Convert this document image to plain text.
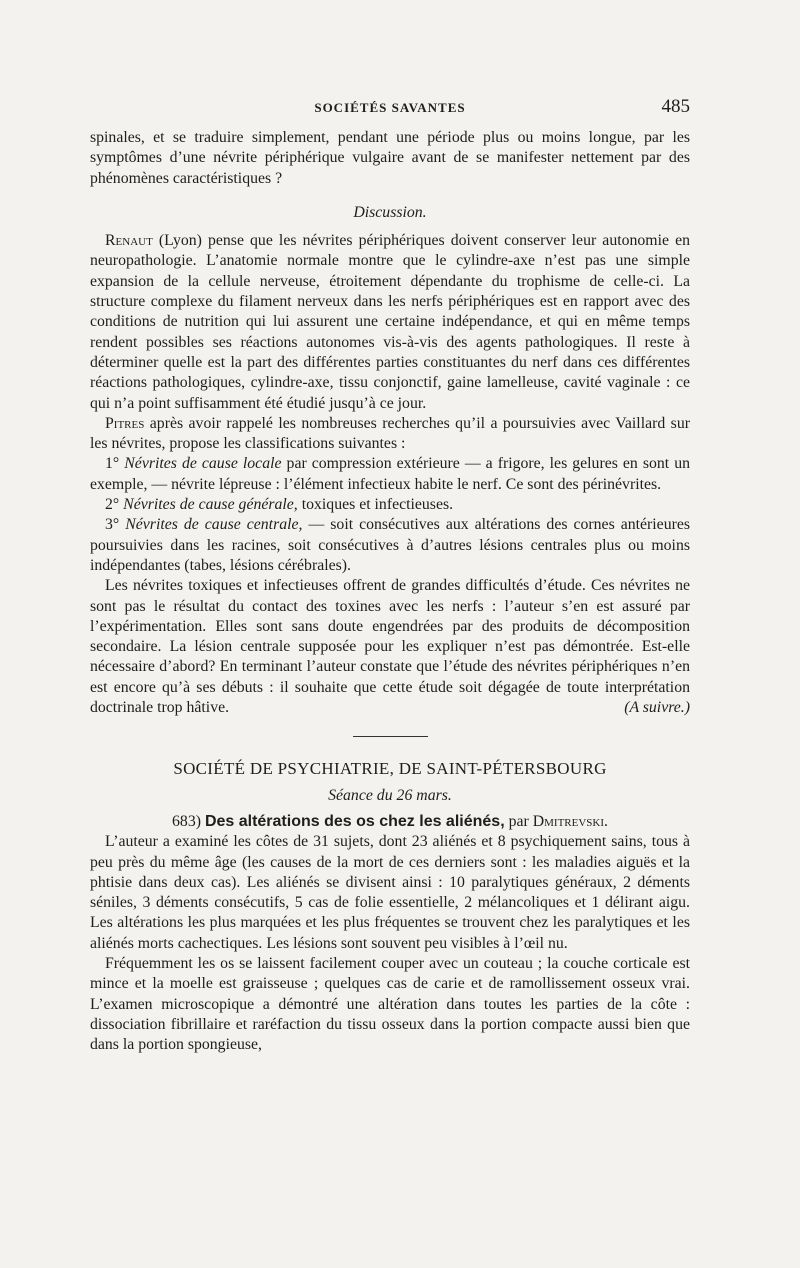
SOCIÉTÉS SAVANTES	485

spinales, et se traduire simplement, pendant une période plus ou moins longue, par les symptômes d’une névrite périphérique vulgaire avant de se manifester nettement par des phénomènes caractéristiques ?

Discussion.

Renaut (Lyon) pense que les névrites périphériques doivent conserver leur autonomie en neuropathologie. L’anatomie normale montre que le cylindre-axe n’est pas une simple expansion de la cellule nerveuse, étroitement dépendante du trophisme de celle-ci. La structure complexe du filament nerveux dans les nerfs périphériques est en rapport avec des conditions de nutrition qui lui assurent une certaine indépendance, et qui en même temps rendent possibles ses réactions autonomes vis-à-vis des agents pathologiques. Il reste à déterminer quelle est la part des différentes parties constituantes du nerf dans ces différentes réactions pathologiques, cylindre-axe, tissu conjonctif, gaine lamelleuse, cavité vaginale : ce qui n’a point suffisamment été étudié jusqu’à ce jour.

Pitres après avoir rappelé les nombreuses recherches qu’il a poursuivies avec Vaillard sur les névrites, propose les classifications suivantes :

1° Névrites de cause locale par compression extérieure — a frigore, les gelures en sont un exemple, — névrite lépreuse : l’élément infectieux habite le nerf. Ce sont des périnévrites.

2° Névrites de cause générale, toxiques et infectieuses.

3° Névrites de cause centrale, — soit consécutives aux altérations des cornes antérieures poursuivies dans les racines, soit consécutives à d’autres lésions centrales plus ou moins indépendantes (tabes, lésions cérébrales).

Les névrites toxiques et infectieuses offrent de grandes difficultés d’étude. Ces névrites ne sont pas le résultat du contact des toxines avec les nerfs : l’auteur s’en est assuré par l’expérimentation. Elles sont sans doute engendrées par des produits de décomposition secondaire. La lésion centrale supposée pour les expliquer n’est pas démontrée. Est-elle nécessaire d’abord? En terminant l’auteur constate que l’étude des névrites périphériques n’en est encore qu’à ses débuts : il souhaite que cette étude soit dégagée de toute interprétation doctrinale trop hâtive.	(A suivre.)

SOCIÉTÉ DE PSYCHIATRIE, DE SAINT-PÉTERSBOURG

Séance du 26 mars.

683) Des altérations des os chez les aliénés, par Dmitrevski.

L’auteur a examiné les côtes de 31 sujets, dont 23 aliénés et 8 psychiquement sains, tous à peu près du même âge (les causes de la mort de ces derniers sont : les maladies aiguës et la phtisie dans deux cas). Les aliénés se divisent ainsi : 10 paralytiques généraux, 2 déments séniles, 3 déments consécutifs, 5 cas de folie essentielle, 2 mélancoliques et 1 délirant aigu. Les altérations les plus marquées et les plus fréquentes se trouvent chez les paralytiques et les aliénés morts cachectiques. Les lésions sont souvent peu visibles à l’œil nu.

Fréquemment les os se laissent facilement couper avec un couteau ; la couche corticale est mince et la moelle est graisseuse ; quelques cas de carie et de ramollissement osseux vrai. L’examen microscopique a démontré une altération dans toutes les parties de la côte : dissociation fibrillaire et raréfaction du tissu osseux dans la portion compacte aussi bien que dans la portion spongieuse,
